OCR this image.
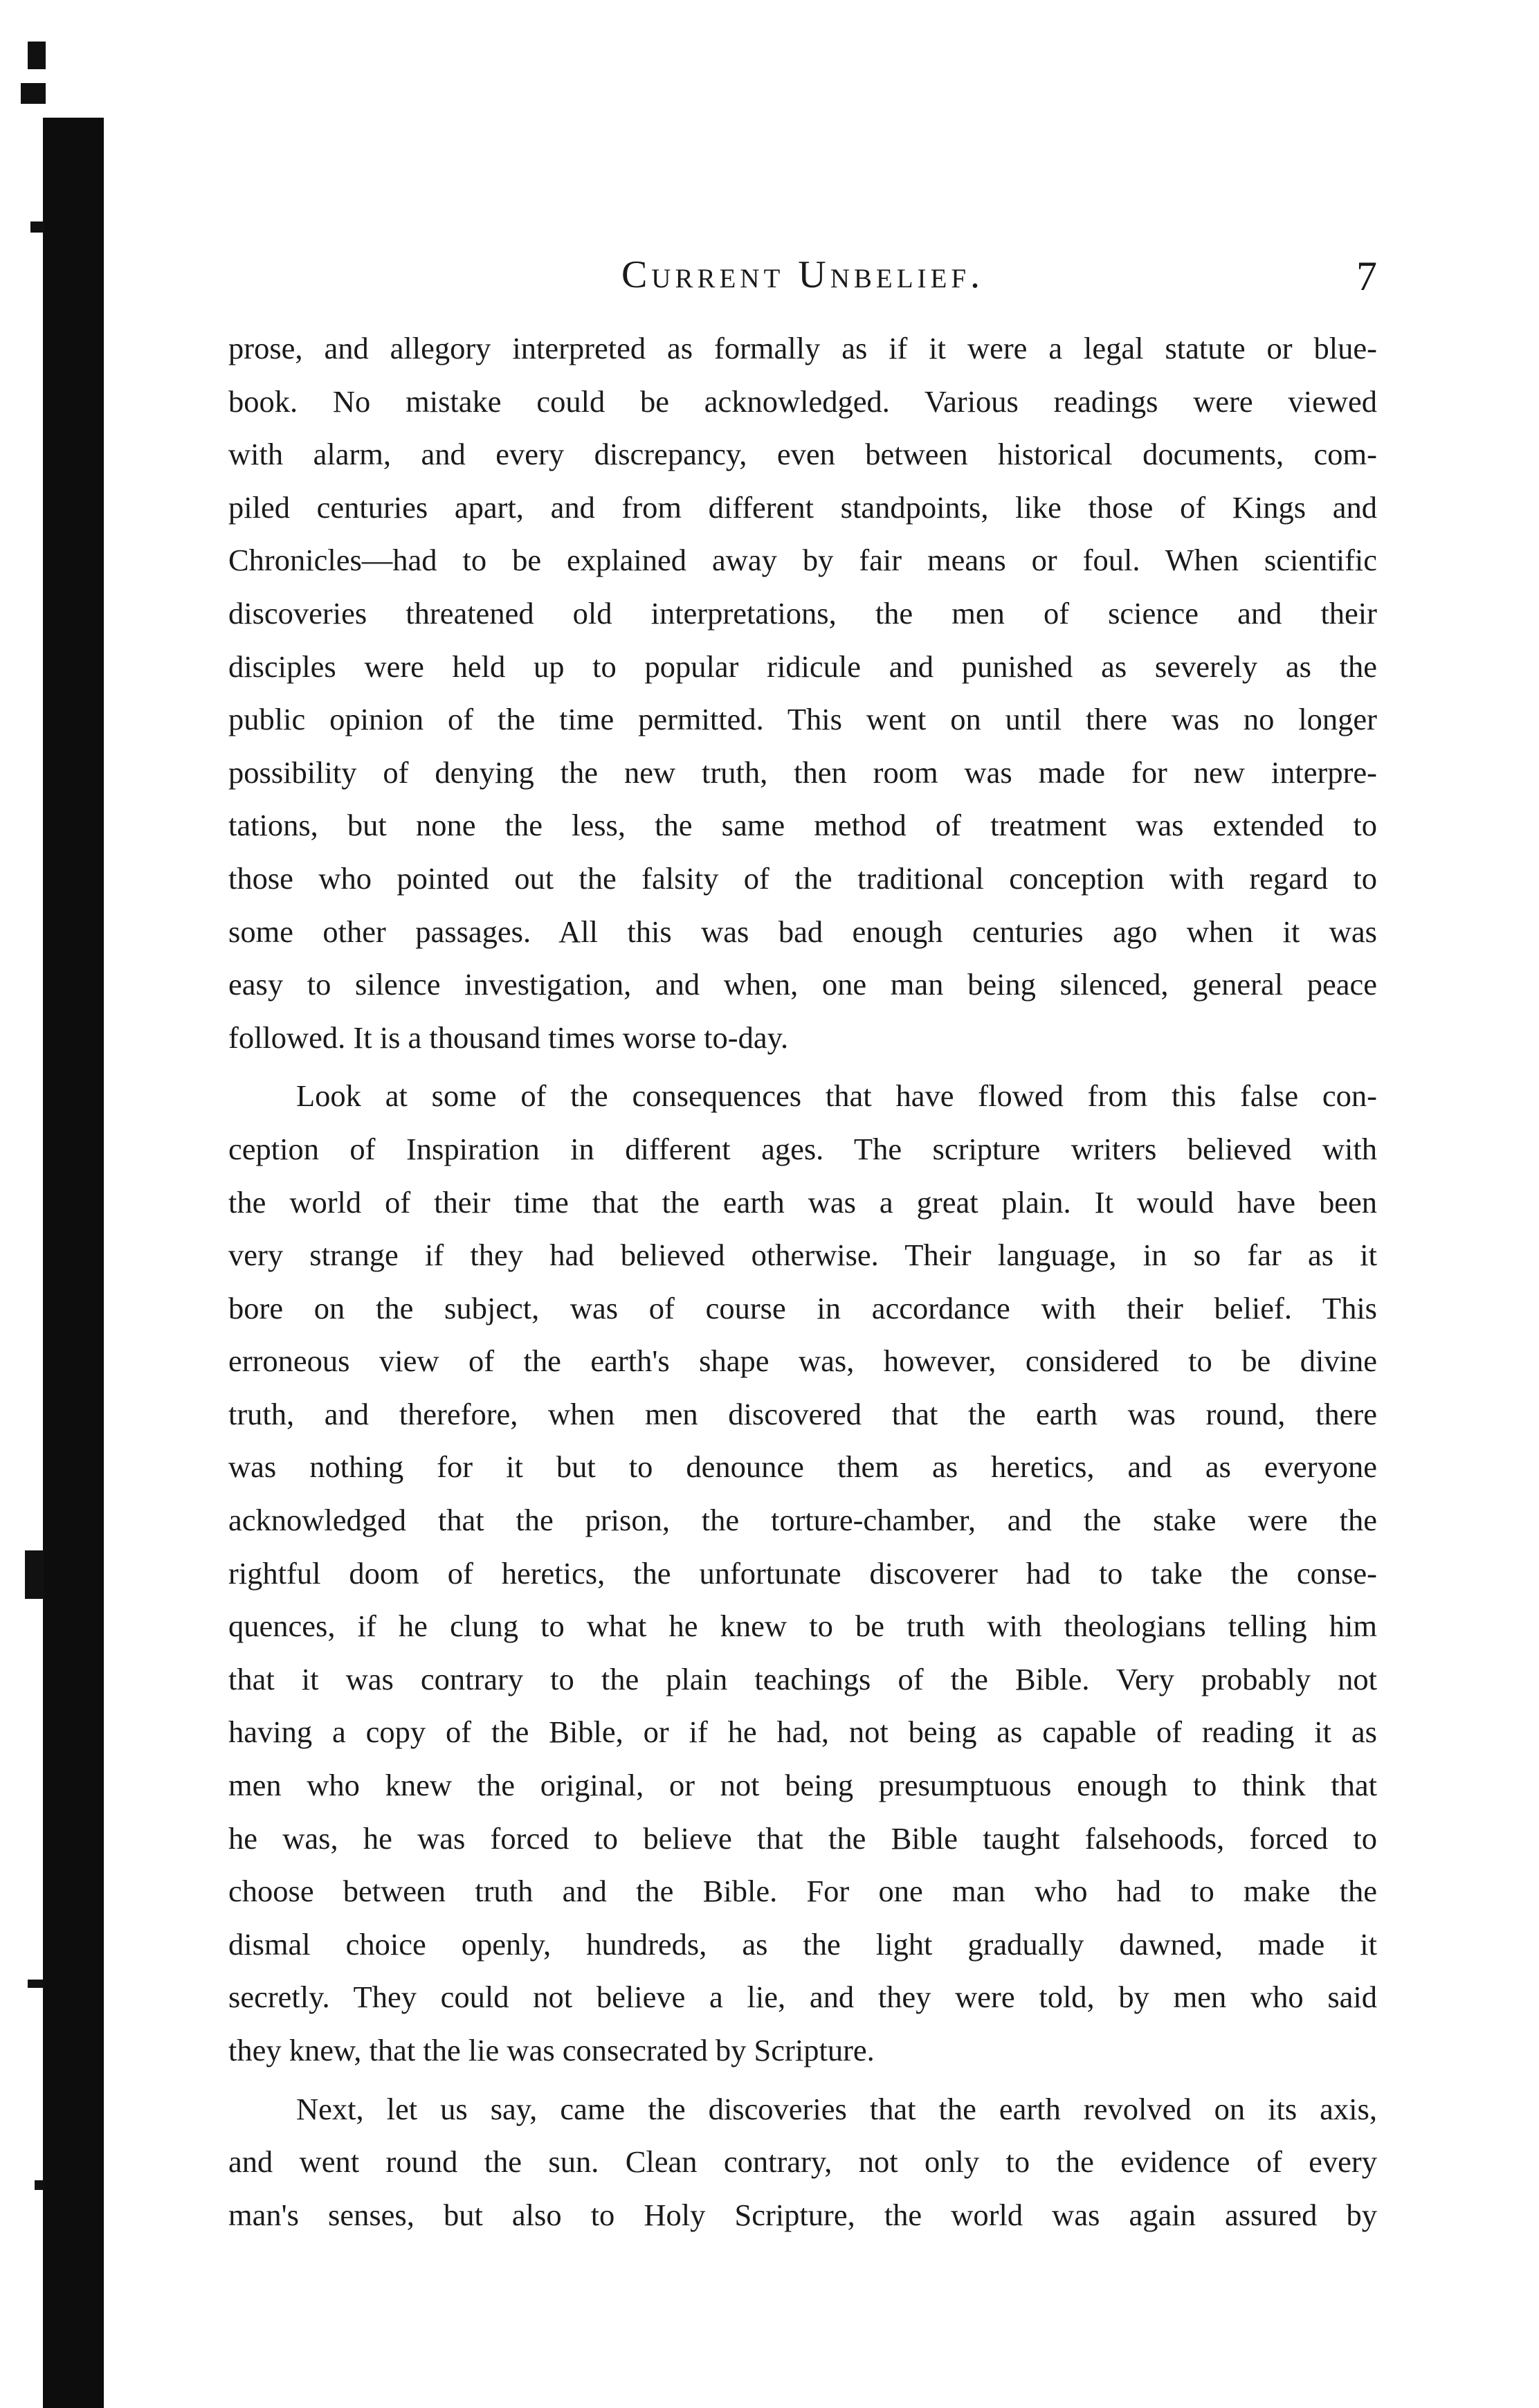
Current Unbelief.	7

prose, and allegory interpreted as formally as if it were a legal statute or blue-
book. No mistake could be acknowledged. Various readings were viewed
with alarm, and every discrepancy, even between historical documents, com-
piled centuries apart, and from different standpoints, like those of Kings and
Chronicles—had to be explained away by fair means or foul. When scientific
discoveries threatened old interpretations, the men of science and their
disciples were held up to popular ridicule and punished as severely as the
public opinion of the time permitted. This went on until there was no longer
possibility of denying the new truth, then room was made for new interpre-
tations, but none the less, the same method of treatment was extended to
those who pointed out the falsity of the traditional conception with regard to
some other passages. All this was bad enough centuries ago when it was
easy to silence investigation, and when, one man being silenced, general peace
followed. It is a thousand times worse to-day.

Look at some of the consequences that have flowed from this false con-
ception of Inspiration in different ages. The scripture writers believed with
the world of their time that the earth was a great plain. It would have been
very strange if they had believed otherwise. Their language, in so far as it
bore on the subject, was of course in accordance with their belief. This
erroneous view of the earth's shape was, however, considered to be divine
truth, and therefore, when men discovered that the earth was round, there
was nothing for it but to denounce them as heretics, and as everyone
acknowledged that the prison, the torture-chamber, and the stake were the
rightful doom of heretics, the unfortunate discoverer had to take the conse-
quences, if he clung to what he knew to be truth with theologians telling him
that it was contrary to the plain teachings of the Bible. Very probably not
having a copy of the Bible, or if he had, not being as capable of reading it as
men who knew the original, or not being presumptuous enough to think that
he was, he was forced to believe that the Bible taught falsehoods, forced to
choose between truth and the Bible. For one man who had to make the
dismal choice openly, hundreds, as the light gradually dawned, made it
secretly. They could not believe a lie, and they were told, by men who said
they knew, that the lie was consecrated by Scripture.

Next, let us say, came the discoveries that the earth revolved on its axis,
and went round the sun. Clean contrary, not only to the evidence of every
man's senses, but also to Holy Scripture, the world was again assured by
